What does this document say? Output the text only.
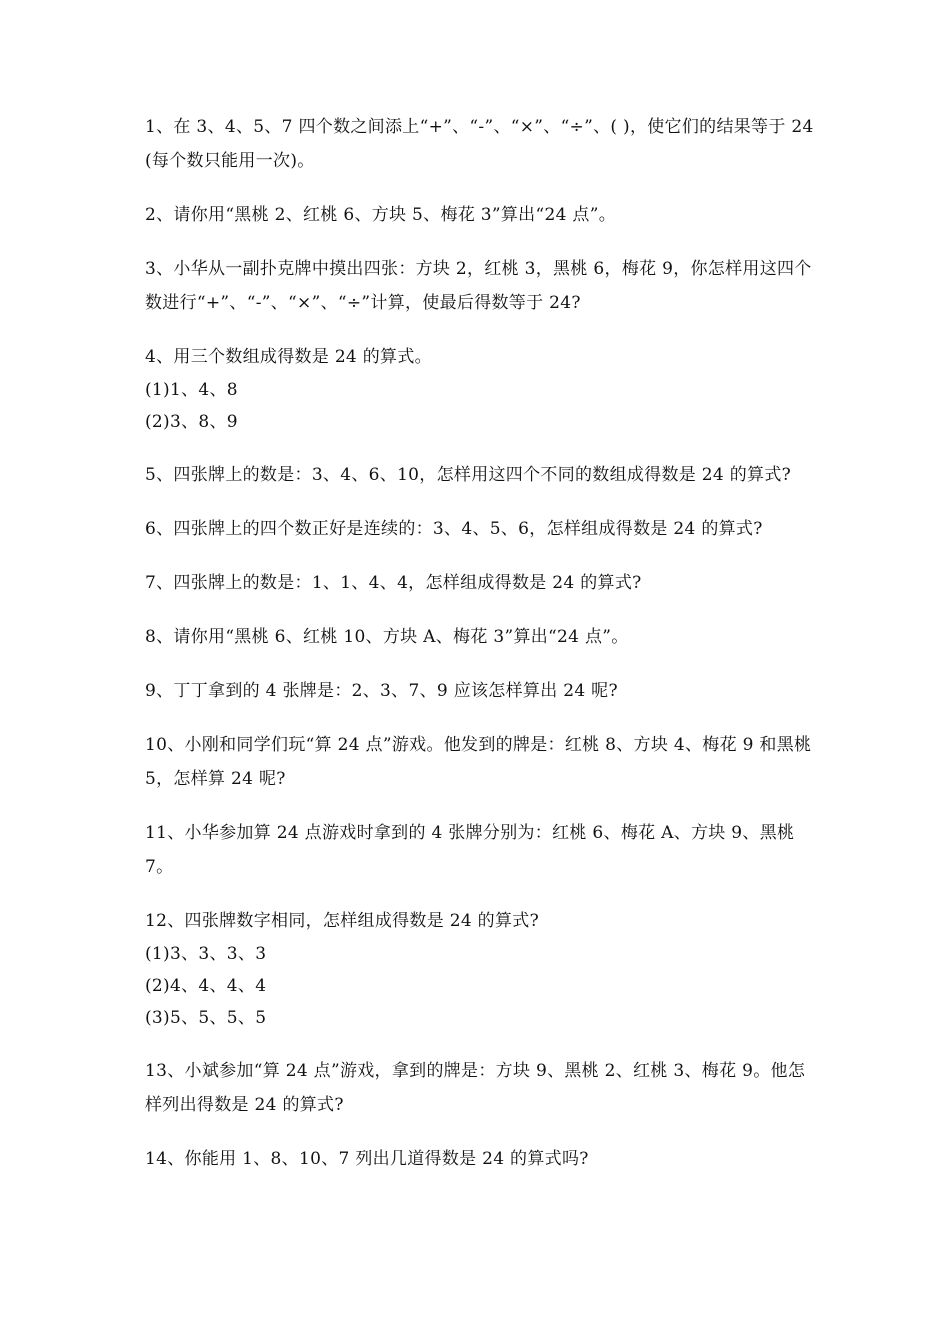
1、在 3、4、5、7 四个数之间添上“+”、“-”、“×”、“÷”、( )，使它们的结果等于 24(每个数只能用一次)。

2、请你用“黑桃 2、红桃 6、方块 5、梅花 3”算出“24 点”。

3、小华从一副扑克牌中摸出四张：方块 2，红桃 3，黑桃 6，梅花 9，你怎样用这四个数进行“+”、“-”、“×”、“÷”计算，使最后得数等于 24?

4、用三个数组成得数是 24 的算式。

(1)1、4、8
(2)3、8、9

5、四张牌上的数是：3、4、6、10，怎样用这四个不同的数组成得数是 24 的算式?

6、四张牌上的四个数正好是连续的：3、4、5、6，怎样组成得数是 24 的算式?

7、四张牌上的数是：1、1、4、4，怎样组成得数是 24 的算式?

8、请你用“黑桃 6、红桃 10、方块 A、梅花 3”算出“24 点”。

9、丁丁拿到的 4 张牌是：2、3、7、9 应该怎样算出 24 呢?

10、小刚和同学们玩“算 24 点”游戏。他发到的牌是：红桃 8、方块 4、梅花 9 和黑桃 5，怎样算 24 呢?

11、小华参加算 24 点游戏时拿到的 4 张牌分别为：红桃 6、梅花 A、方块 9、黑桃 7。

12、四张牌数字相同，怎样组成得数是 24 的算式?

(1)3、3、3、3
(2)4、4、4、4
(3)5、5、5、5

13、小斌参加“算 24 点”游戏，拿到的牌是：方块 9、黑桃 2、红桃 3、梅花 9。他怎样列出得数是 24 的算式?

14、你能用 1、8、10、7 列出几道得数是 24 的算式吗?
